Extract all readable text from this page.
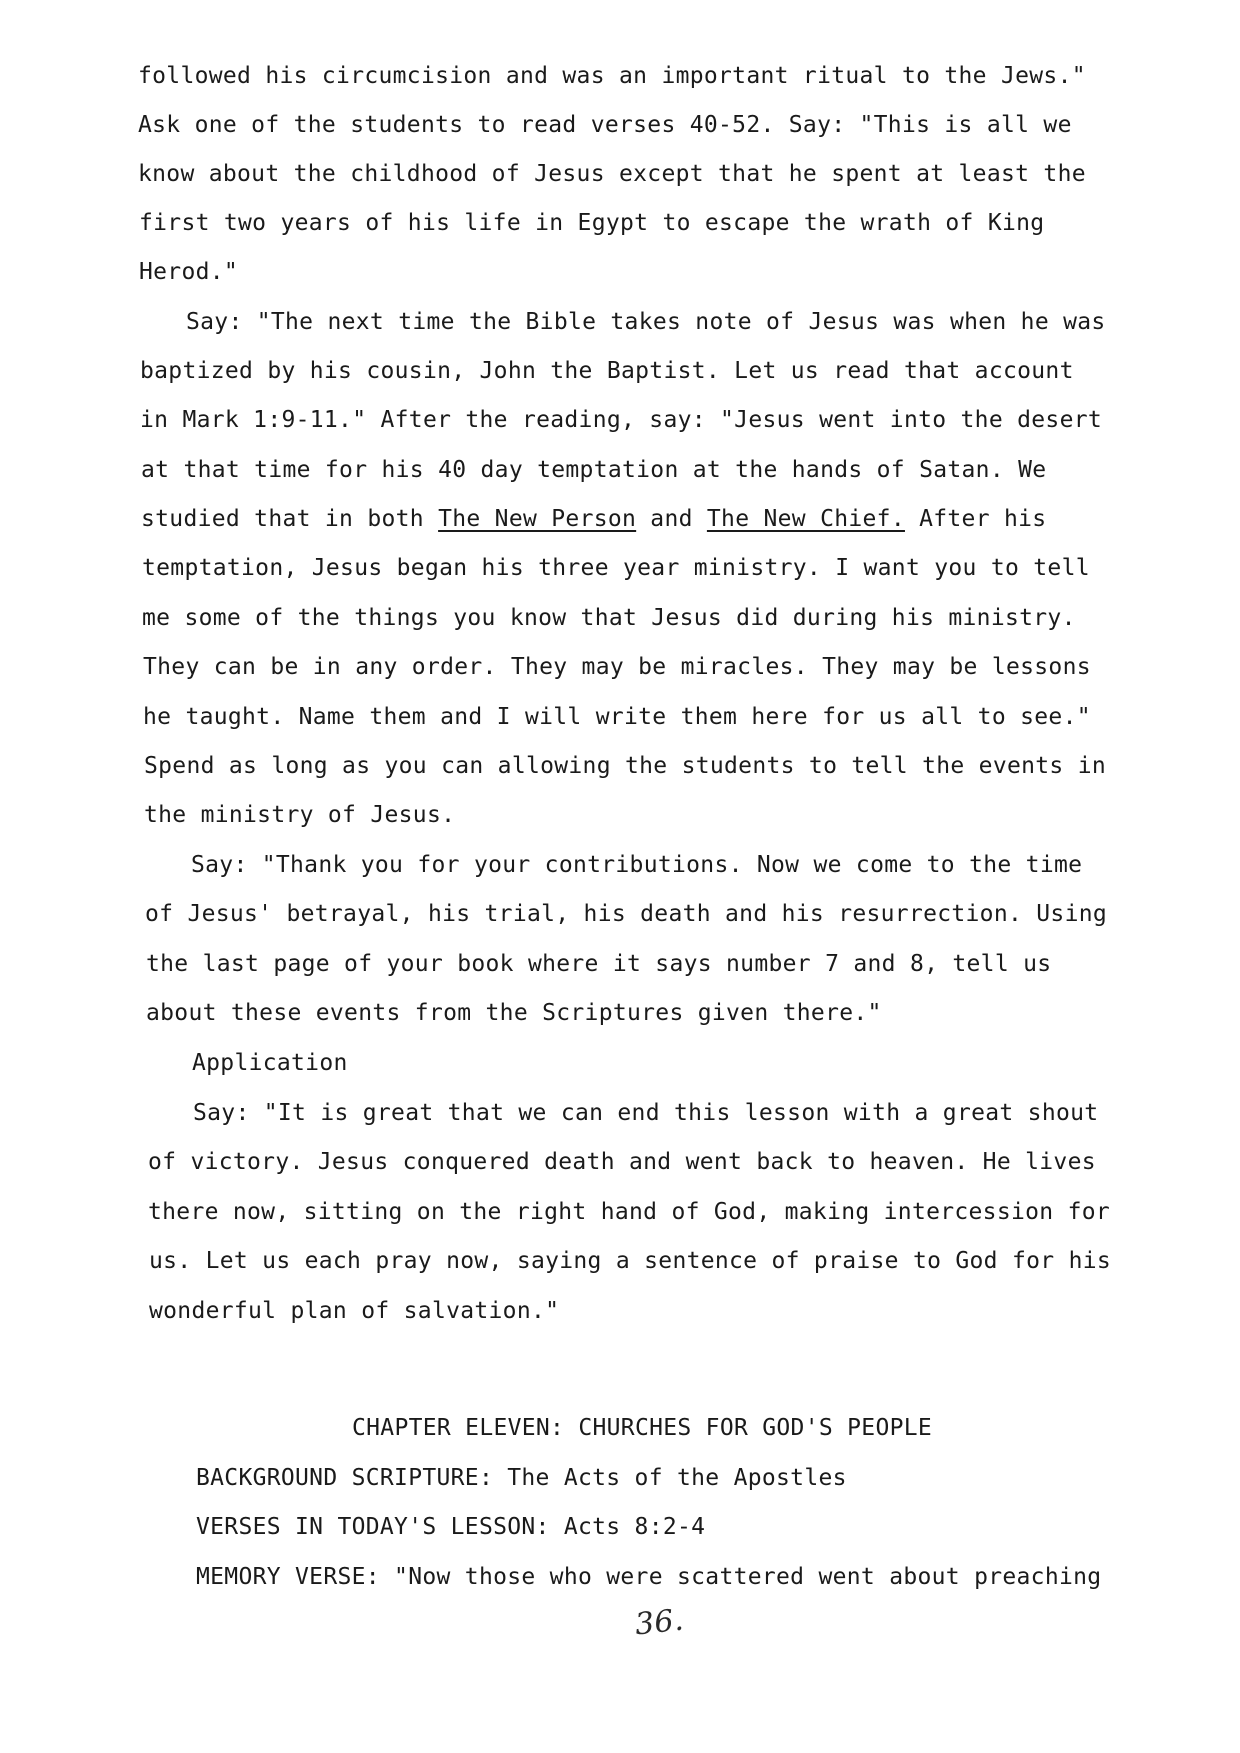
followed his circumcision and was an important ritual to the Jews."
Ask one of the students to read verses 40-52. Say: "This is all we
know about the childhood of Jesus except that he spent at least the
first two years of his life in Egypt to escape the wrath of King
Herod."
Say: "The next time the Bible takes note of Jesus was when he was
baptized by his cousin, John the Baptist. Let us read that account
in Mark 1:9-11." After the reading, say: "Jesus went into the desert
at that time for his 40 day temptation at the hands of Satan. We
studied that in both The New Person and The New Chief. After his
temptation, Jesus began his three year ministry. I want you to tell
me some of the things you know that Jesus did during his ministry.
They can be in any order. They may be miracles. They may be lessons
he taught. Name them and I will write them here for us all to see."
Spend as long as you can allowing the students to tell the events in
the ministry of Jesus.
Say: "Thank you for your contributions. Now we come to the time
of Jesus' betrayal, his trial, his death and his resurrection. Using
the last page of your book where it says number 7 and 8, tell us
about these events from the Scriptures given there."
Application
Say: "It is great that we can end this lesson with a great shout
of victory. Jesus conquered death and went back to heaven. He lives
there now, sitting on the right hand of God, making intercession for
us. Let us each pray now, saying a sentence of praise to God for his
wonderful plan of salvation."
CHAPTER ELEVEN: CHURCHES FOR GOD'S PEOPLE
BACKGROUND SCRIPTURE: The Acts of the Apostles
VERSES IN TODAY'S LESSON: Acts 8:2-4
MEMORY VERSE: "Now those who were scattered went about preaching
36.
